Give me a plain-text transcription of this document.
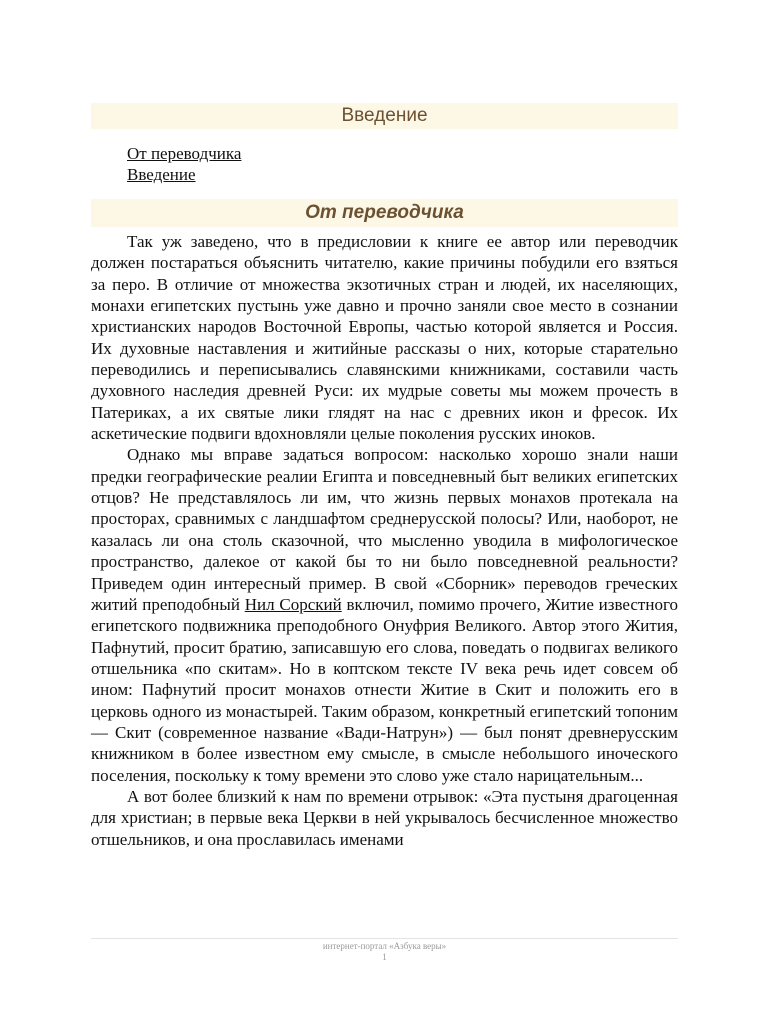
Введение
От переводчика
Введение
От переводчика

Так уж заведено, что в предисловии к книге ее автор или переводчик должен постараться объяснить читателю, какие причины побудили его взяться за перо. В отличие от множества экзотичных стран и людей, их населяющих, монахи египетских пустынь уже давно и прочно заняли свое место в сознании христианских народов Восточной Европы, частью которой является и Россия. Их духовные наставления и житийные рассказы о них, которые старательно переводились и переписывались славянскими книжниками, составили часть духовного наследия древней Руси: их мудрые советы мы можем прочесть в Патериках, а их святые лики глядят на нас с древних икон и фресок. Их аскетические подвиги вдохновляли целые поколения русских иноков.

Однако мы вправе задаться вопросом: насколько хорошо знали наши предки географические реалии Египта и повседневный быт великих египетских отцов? Не представлялось ли им, что жизнь первых монахов протекала на просторах, сравнимых с ландшафтом среднерусской полосы? Или, наоборот, не казалась ли она столь сказочной, что мысленно уводила в мифологическое пространство, далекое от какой бы то ни было повседневной реальности? Приведем один интересный пример. В свой «Сборник» переводов греческих житий преподобный Нил Сорский включил, помимо прочего, Житие известного египетского подвижника преподобного Онуфрия Великого. Автор этого Жития, Пафнутий, просит братию, записавшую его слова, поведать о подвигах великого отшельника «по скитам». Но в коптском тексте IV века речь идет совсем об ином: Пафнутий просит монахов отнести Житие в Скит и положить его в церковь одного из монастырей. Таким образом, конкретный египетский топоним — Скит (современное название «Вади-Натрун») — был понят древнерусским книжником в более известном ему смысле, в смысле небольшого иноческого поселения, поскольку к тому времени это слово уже стало нарицательным...

А вот более близкий к нам по времени отрывок: «Эта пустыня драгоценная для христиан; в первые века Церкви в ней укрывалось бесчисленное множество отшельников, и она прославилась именами

интернет-портал «Азбука веры»
1
